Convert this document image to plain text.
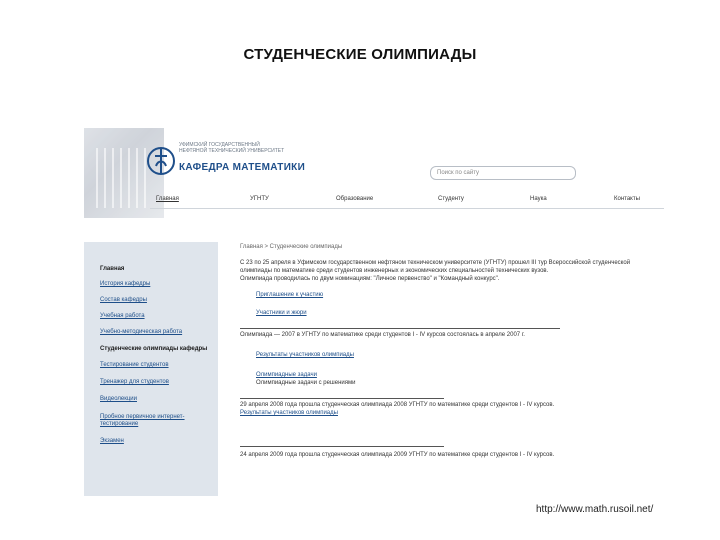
СТУДЕНЧЕСКИЕ ОЛИМПИАДЫ
УФИМСКИЙ ГОСУДАРСТВЕННЫЙ
НЕФТЯНОЙ ТЕХНИЧЕСКИЙ УНИВЕРСИТЕТ
КАФЕДРА МАТЕМАТИКИ	Поиск по сайту
Главная	УГНТУ	Образование	Студенту	Наука	Контакты
Главная
История кафедры
Состав кафедры
Учебная работа
Учебно-методическая работа
Студенческие олимпиады кафедры
Тестирование студентов
Тренажер для студентов
Видеолекции
Пробное первичное интернет-тестирование
Экзамен
Главная > Студенческие олимпиады
С 23 по 25 апреля в Уфимском государственном нефтяном техническом университете (УГНТУ) прошел III тур Всероссийской студенческой
олимпиады по математике среди студентов инженерных и экономических специальностей технических вузов.
Олимпиада проводилась по двум номинациям: "Личное первенство" и "Командный конкурс".
Приглашение к участию
Участники и жюри
Олимпиада — 2007 в УГНТУ по математике среди студентов I - IV курсов состоялась в апреле 2007 г.
Результаты участников олимпиады
Олимпиадные задачи
Олимпиадные задачи с решениями
29 апреля 2008 года прошла студенческая олимпиада 2008 УГНТУ по математике среди студентов I - IV курсов.
Результаты участников олимпиады
24 апреля 2009 года прошла студенческая олимпиада 2009 УГНТУ по математике среди студентов I - IV курсов.
http://www.math.rusoil.net/
